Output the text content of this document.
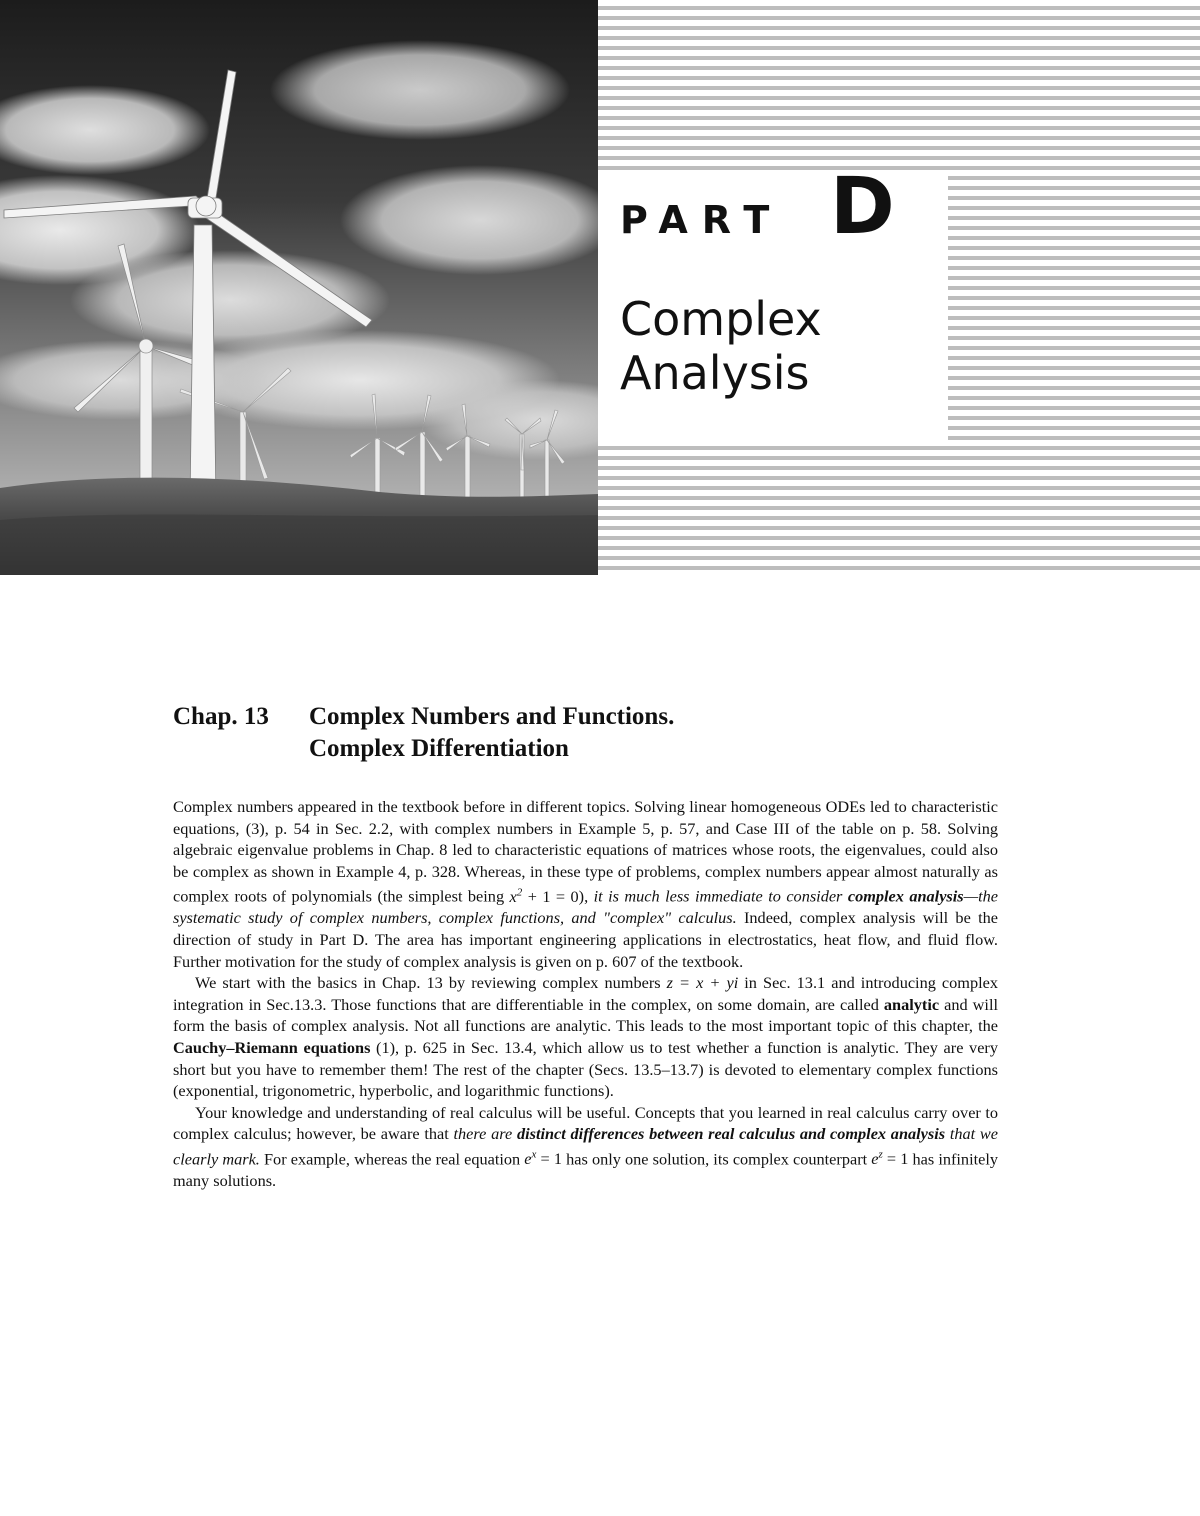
PART D
Complex
Analysis
Chap. 13 Complex Numbers and Functions.
Complex Differentiation

Complex numbers appeared in the textbook before in different topics. Solving linear homogeneous ODEs led to characteristic equations, (3), p. 54 in Sec. 2.2, with complex numbers in Example 5, p. 57, and Case III of the table on p. 58. Solving algebraic eigenvalue problems in Chap. 8 led to characteristic equations of matrices whose roots, the eigenvalues, could also be complex as shown in Example 4, p. 328. Whereas, in these type of problems, complex numbers appear almost naturally as complex roots of polynomials (the simplest being $x^2 + 1 = 0$), it is much less immediate to consider complex analysis—the systematic study of complex numbers, complex functions, and "complex" calculus. Indeed, complex analysis will be the direction of study in Part D. The area has important engineering applications in electrostatics, heat flow, and fluid flow. Further motivation for the study of complex analysis is given on p. 607 of the textbook.

We start with the basics in Chap. 13 by reviewing complex numbers z = x + yi in Sec. 13.1 and introducing complex integration in Sec.13.3. Those functions that are differentiable in the complex, on some domain, are called analytic and will form the basis of complex analysis. Not all functions are analytic. This leads to the most important topic of this chapter, the Cauchy–Riemann equations (1), p. 625 in Sec. 13.4, which allow us to test whether a function is analytic. They are very short but you have to remember them! The rest of the chapter (Secs. 13.5–13.7) is devoted to elementary complex functions (exponential, trigonometric, hyperbolic, and logarithmic functions).

Your knowledge and understanding of real calculus will be useful. Concepts that you learned in real calculus carry over to complex calculus; however, be aware that there are distinct differences between real calculus and complex analysis that we clearly mark. For example, whereas the real equation $e^x = 1$ has only one solution, its complex counterpart $e^z = 1$ has infinitely many solutions.
